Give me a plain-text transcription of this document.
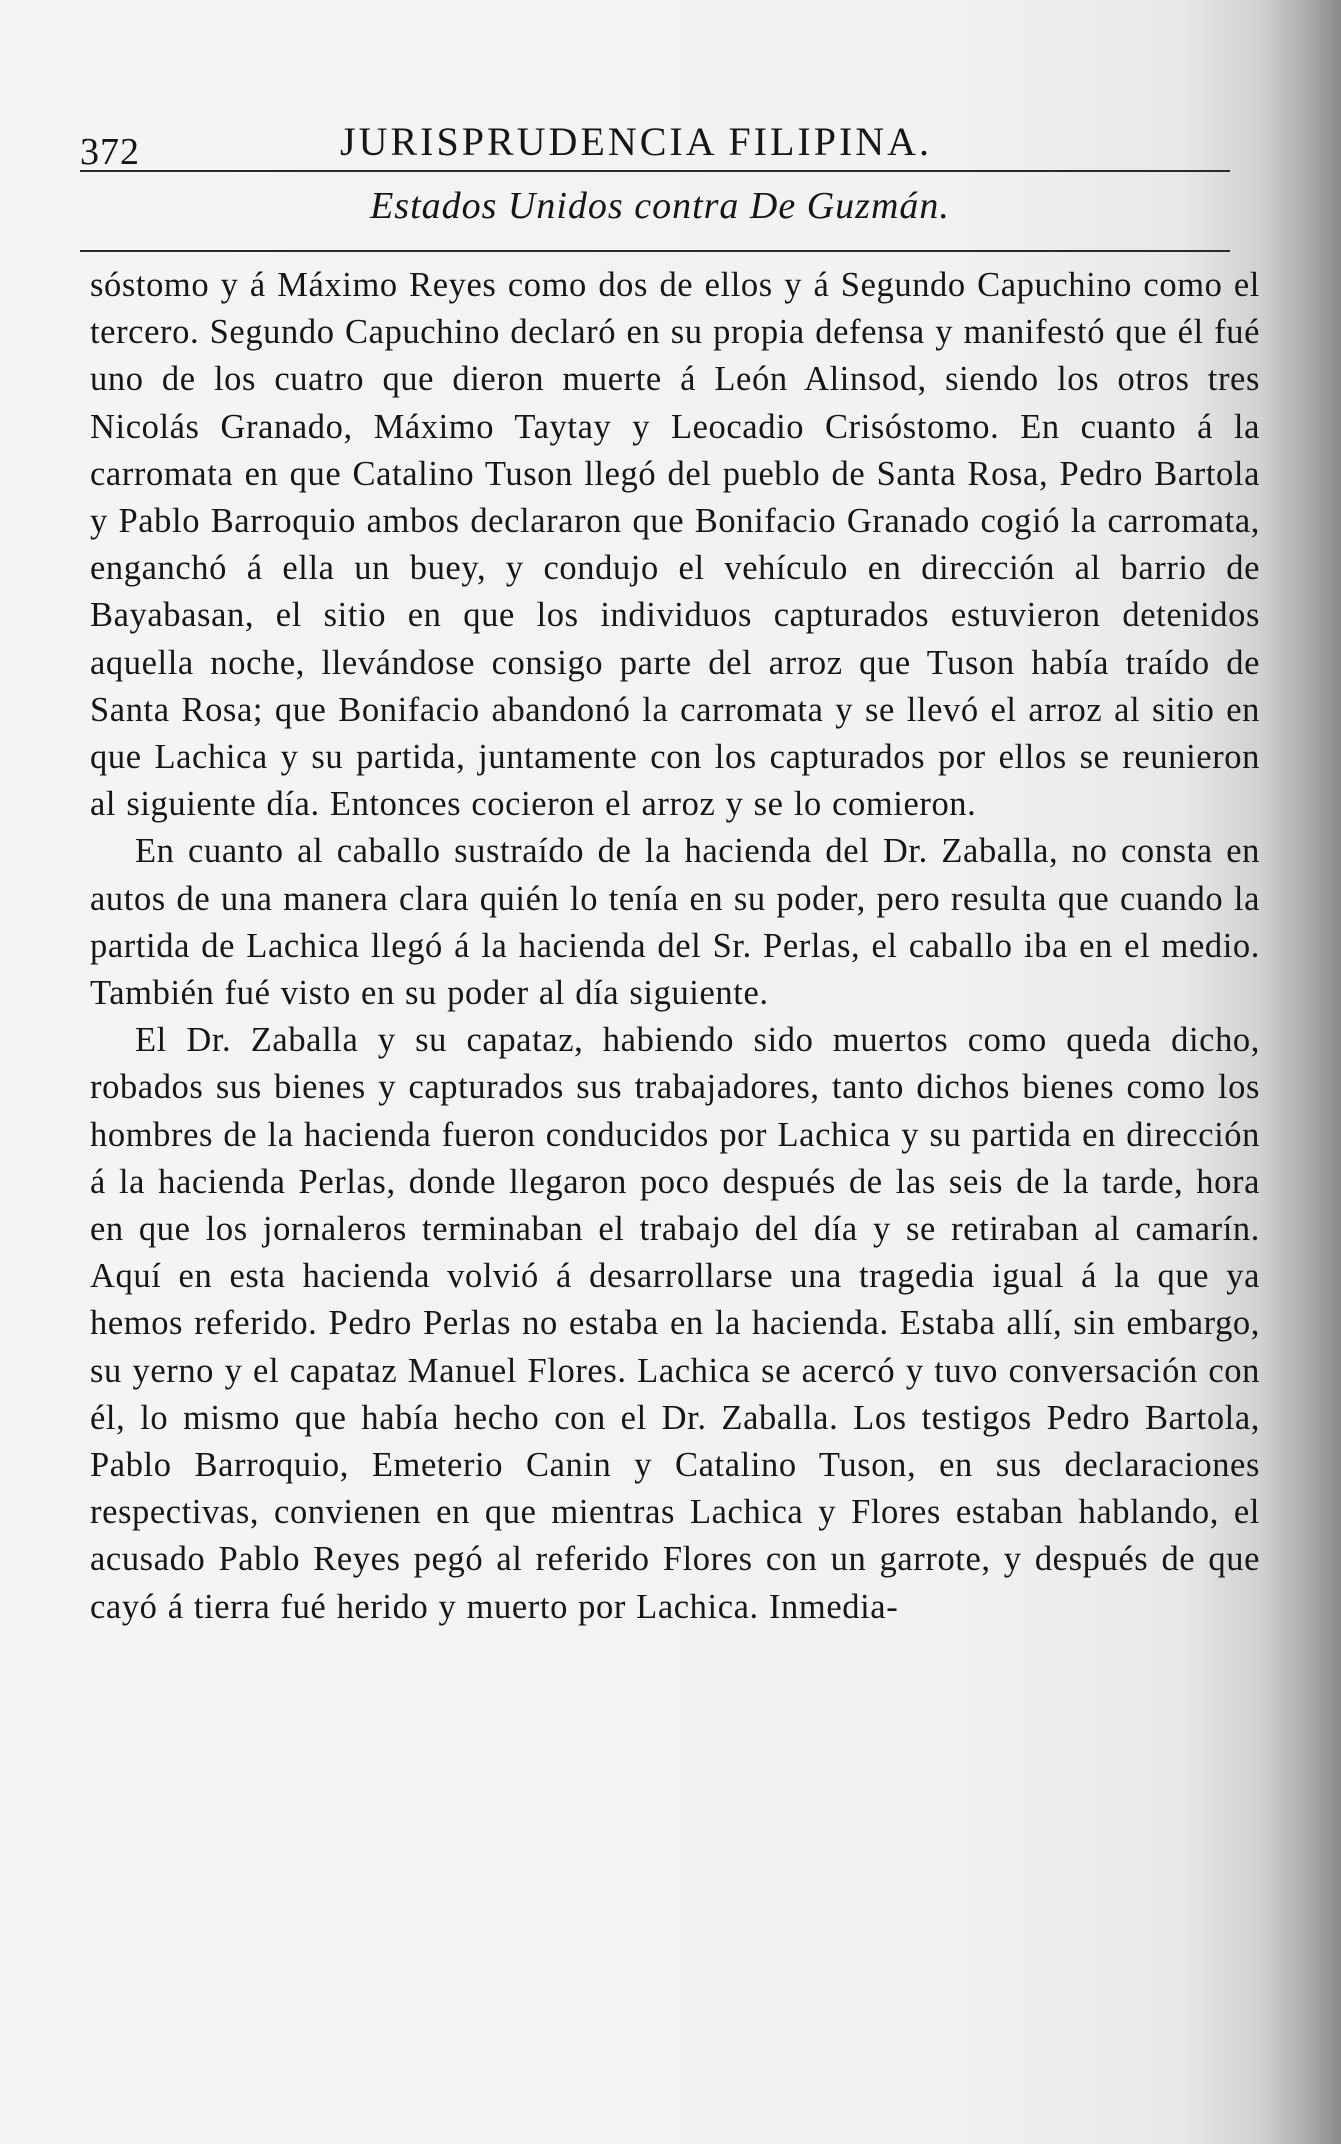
372	JURISPRUDENCIA FILIPINA.
Estados Unidos contra De Guzmán.

sóstomo y á Máximo Reyes como dos de ellos y á Segundo Capuchino como el tercero. Segundo Capuchino declaró en su propia defensa y manifestó que él fué uno de los cuatro que dieron muerte á León Alinsod, siendo los otros tres Nicolás Granado, Máximo Taytay y Leocadio Crisóstomo. En cuanto á la carromata en que Catalino Tuson llegó del pueblo de Santa Rosa, Pedro Bartola y Pablo Barroquio ambos declararon que Bonifacio Granado cogió la carromata, enganchó á ella un buey, y condujo el vehículo en dirección al barrio de Bayabasan, el sitio en que los individuos capturados estuvieron detenidos aquella noche, llevándose consigo parte del arroz que Tuson había traído de Santa Rosa; que Bonifacio abandonó la carromata y se llevó el arroz al sitio en que Lachica y su partida, juntamente con los capturados por ellos se reunieron al siguiente día. Entonces cocieron el arroz y se lo comieron.

En cuanto al caballo sustraído de la hacienda del Dr. Zaballa, no consta en autos de una manera clara quién lo tenía en su poder, pero resulta que cuando la partida de Lachica llegó á la hacienda del Sr. Perlas, el caballo iba en el medio. También fué visto en su poder al día siguiente.

El Dr. Zaballa y su capataz, habiendo sido muertos como queda dicho, robados sus bienes y capturados sus trabajadores, tanto dichos bienes como los hombres de la hacienda fueron conducidos por Lachica y su partida en dirección á la hacienda Perlas, donde llegaron poco después de las seis de la tarde, hora en que los jornaleros terminaban el trabajo del día y se retiraban al camarín. Aquí en esta hacienda volvió á desarrollarse una tragedia igual á la que ya hemos referido. Pedro Perlas no estaba en la hacienda. Estaba allí, sin embargo, su yerno y el capataz Manuel Flores. Lachica se acercó y tuvo conversación con él, lo mismo que había hecho con el Dr. Zaballa. Los testigos Pedro Bartola, Pablo Barroquio, Emeterio Canin y Catalino Tuson, en sus declaraciones respectivas, convienen en que mientras Lachica y Flores estaban hablando, el acusado Pablo Reyes pegó al referido Flores con un garrote, y después de que cayó á tierra fué herido y muerto por Lachica. Inmedia-
